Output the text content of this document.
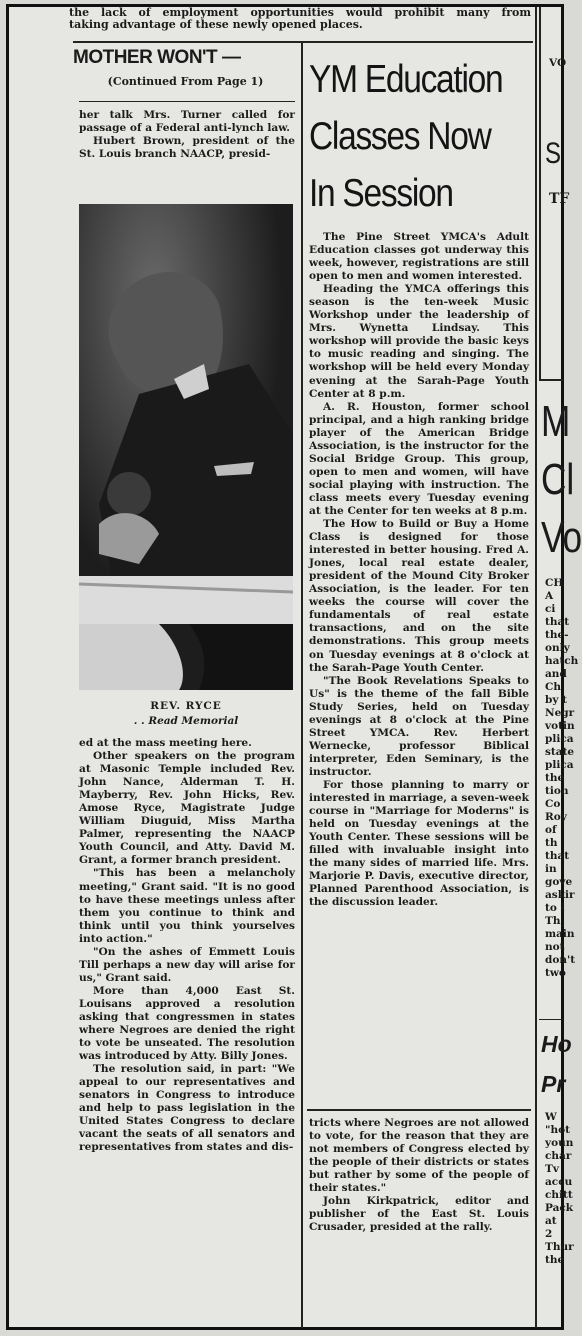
the lack of employment opportunities would prohibit many from
taking advantage of these newly opened places.
MOTHER WON'T —
(Continued From Page 1)

her talk Mrs. Turner called for passage of a Federal anti-lynch law.

Hubert Brown, president of the St. Louis branch NAACP, presid-

REV. RYCE
. . Read Memorial

ed at the mass meeting here.

Other speakers on the program at Masonic Temple included Rev. John Nance, Alderman T. H. Mayberry, Rev. John Hicks, Rev. Amose Ryce, Magistrate Judge William Diuguid, Miss Martha Palmer, representing the NAACP Youth Council, and Atty. David M. Grant, a former branch president.

"This has been a melancholy meeting," Grant said. "It is no good to have these meetings unless after them you continue to think and think until you think yourselves into action."

"On the ashes of Emmett Louis Till perhaps a new day will arise for us," Grant said.

More than 4,000 East St. Louisans approved a resolution asking that congressmen in states where Negroes are denied the right to vote be unseated. The resolution was introduced by Atty. Billy Jones.

The resolution said, in part: "We appeal to our representatives and senators in Congress to introduce and help to pass legislation in the United States Congress to declare vacant the seats of all senators and representatives from states and dis-

YM Education
Classes Now
In Session

The Pine Street YMCA's Adult Education classes got underway this week, however, registrations are still open to men and women interested.

Heading the YMCA offerings this season is the ten-week Music Workshop under the leadership of Mrs. Wynetta Lindsay. This workshop will provide the basic keys to music reading and singing. The workshop will be held every Monday evening at the Sarah-Page Youth Center at 8 p.m.

A. R. Houston, former school principal, and a high ranking bridge player of the American Bridge Association, is the instructor for the Social Bridge Group. This group, open to men and women, will have social playing with instruction. The class meets every Tuesday evening at the Center for ten weeks at 8 p.m.

The How to Build or Buy a Home Class is designed for those interested in better housing. Fred A. Jones, local real estate dealer, president of the Mound City Broker Association, is the leader. For ten weeks the course will cover the fundamentals of real estate transactions, and on the site demonstrations. This group meets on Tuesday evenings at 8 o'clock at the Sarah-Page Youth Center.

"The Book Revelations Speaks to Us" is the theme of the fall Bible Study Series, held on Tuesday evenings at 8 o'clock at the Pine Street YMCA. Rev. Herbert Wernecke, professor Biblical interpreter, Eden Seminary, is the instructor.

For those planning to marry or interested in marriage, a seven-week course in "Marriage for Moderns" is held on Tuesday evenings at the Youth Center. These sessions will be filled with invaluable insight into the many sides of married life. Mrs. Marjorie P. Davis, executive director, Planned Parenthood Association, is the discussion leader.

tricts where Negroes are not allowed to vote, for the reason that they are not members of Congress elected by the people of their districts or states but rather by some of the people of their states."

John Kirkpatrick, editor and publisher of the East St. Louis Crusader, presided at the rally.

VO
S
TF
M
Cl
Vo
CH
A ci
that
the-
only
hatch
and
Ch
by t
Negr
votin
plica
state
plica
the
tion
Co
Roy
of th
that
in
gove
askir
to i
Th
main
not
don't
two
Ho
Pr
W
"hot
youn
char
Tv
accu
chitt
Pack
at 2
Thur
the
